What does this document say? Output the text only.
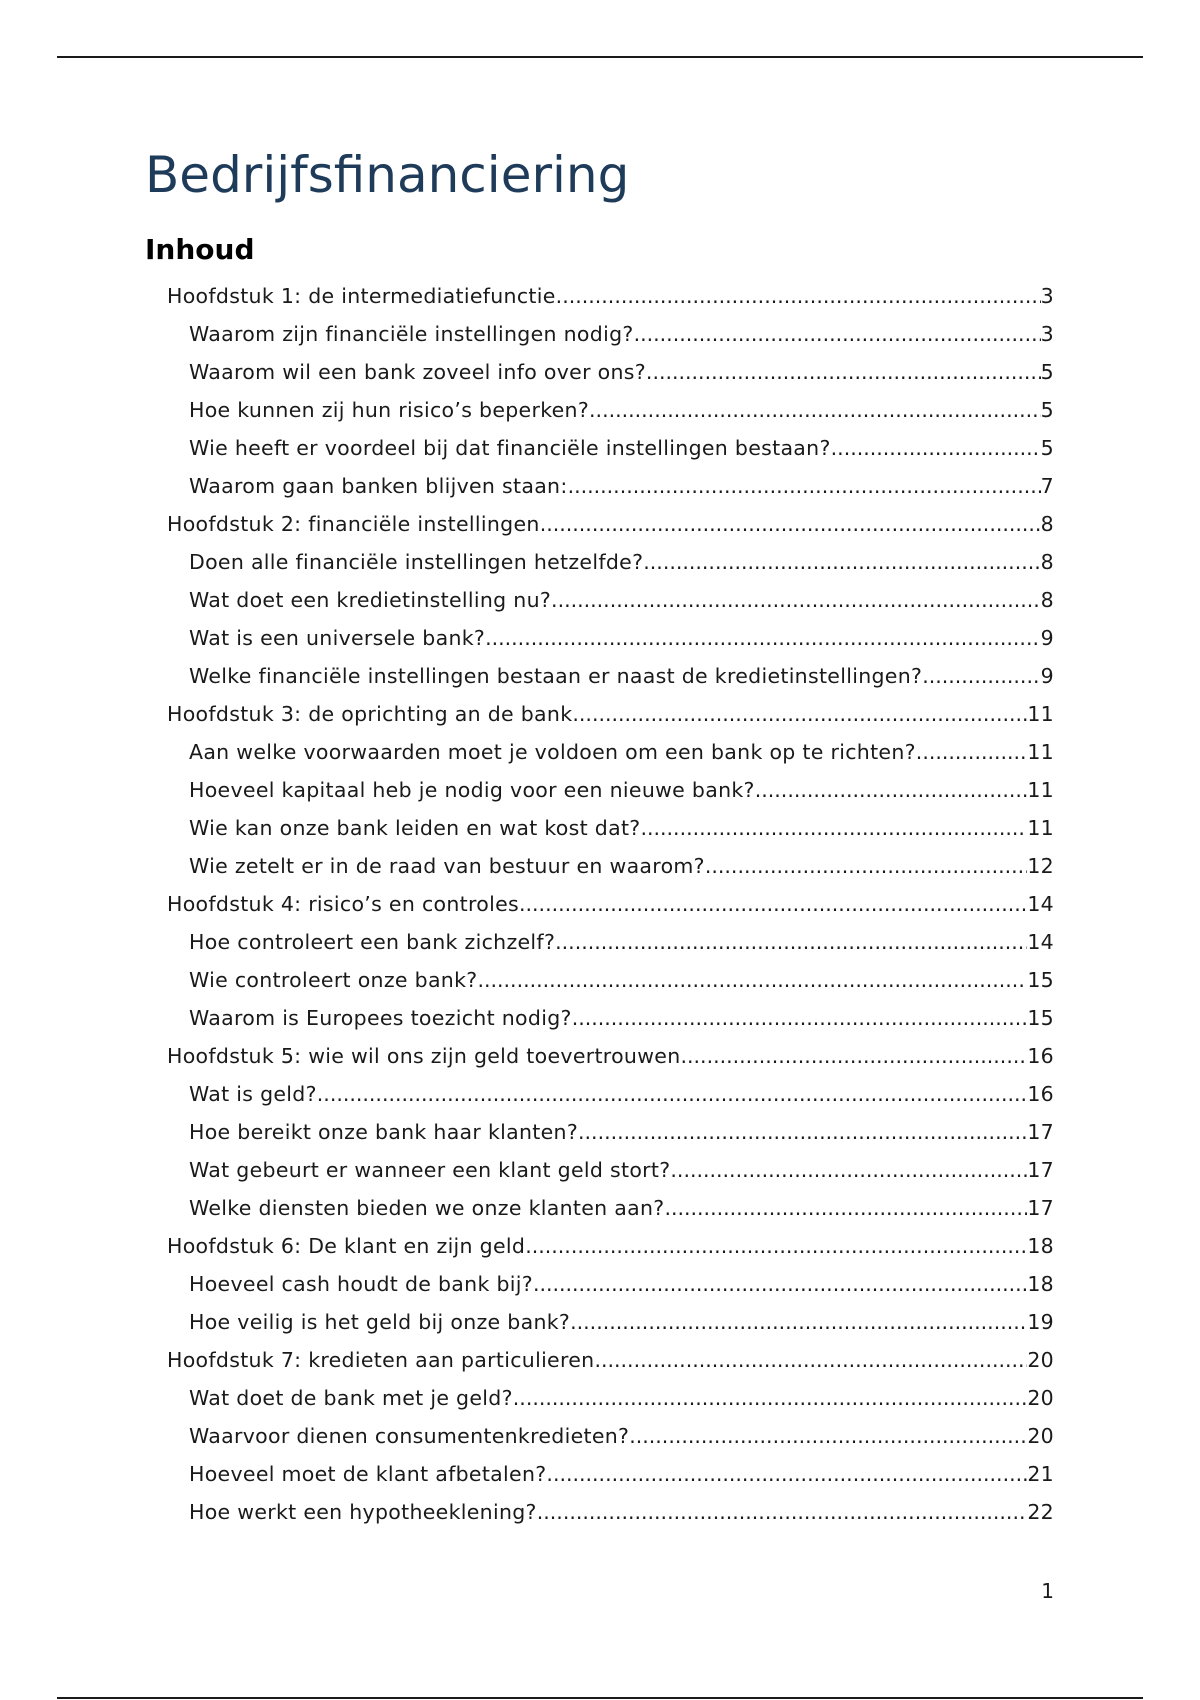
Bedrijfsfinanciering
Inhoud
Hoofdstuk 1: de intermediatiefunctie .....	3
Waarom zijn financiële instellingen nodig? .....	3
Waarom wil een bank zoveel info over ons? .....	5
Hoe kunnen zij hun risico’s beperken? .....	5
Wie heeft er voordeel bij dat financiële instellingen bestaan? .....	5
Waarom gaan banken blijven staan: .....	7
Hoofdstuk 2: financiële instellingen .....	8
Doen alle financiële instellingen hetzelfde? .....	8
Wat doet een kredietinstelling nu? .....	8
Wat is een universele bank? .....	9
Welke financiële instellingen bestaan er naast de kredietinstellingen? .....	9
Hoofdstuk 3: de oprichting an de bank .....	11
Aan welke voorwaarden moet je voldoen om een bank op te richten? .....	11
Hoeveel kapitaal heb je nodig voor een nieuwe bank? .....	11
Wie kan onze bank leiden en wat kost dat? .....	11
Wie zetelt er in de raad van bestuur en waarom? .....	12
Hoofdstuk 4: risico’s en controles .....	14
Hoe controleert een bank zichzelf? .....	14
Wie controleert onze bank? .....	15
Waarom is Europees toezicht nodig? .....	15
Hoofdstuk 5: wie wil ons zijn geld toevertrouwen .....	16
Wat is geld? .....	16
Hoe bereikt onze bank haar klanten? .....	17
Wat gebeurt er wanneer een klant geld stort? .....	17
Welke diensten bieden we onze klanten aan? .....	17
Hoofdstuk 6: De klant en zijn geld .....	18
Hoeveel cash houdt de bank bij? .....	18
Hoe veilig is het geld bij onze bank? .....	19
Hoofdstuk 7: kredieten aan particulieren .....	20
Wat doet de bank met je geld? .....	20
Waarvoor dienen consumentenkredieten? .....	20
Hoeveel moet de klant afbetalen? .....	21
Hoe werkt een hypotheeklening? .....	22
1
